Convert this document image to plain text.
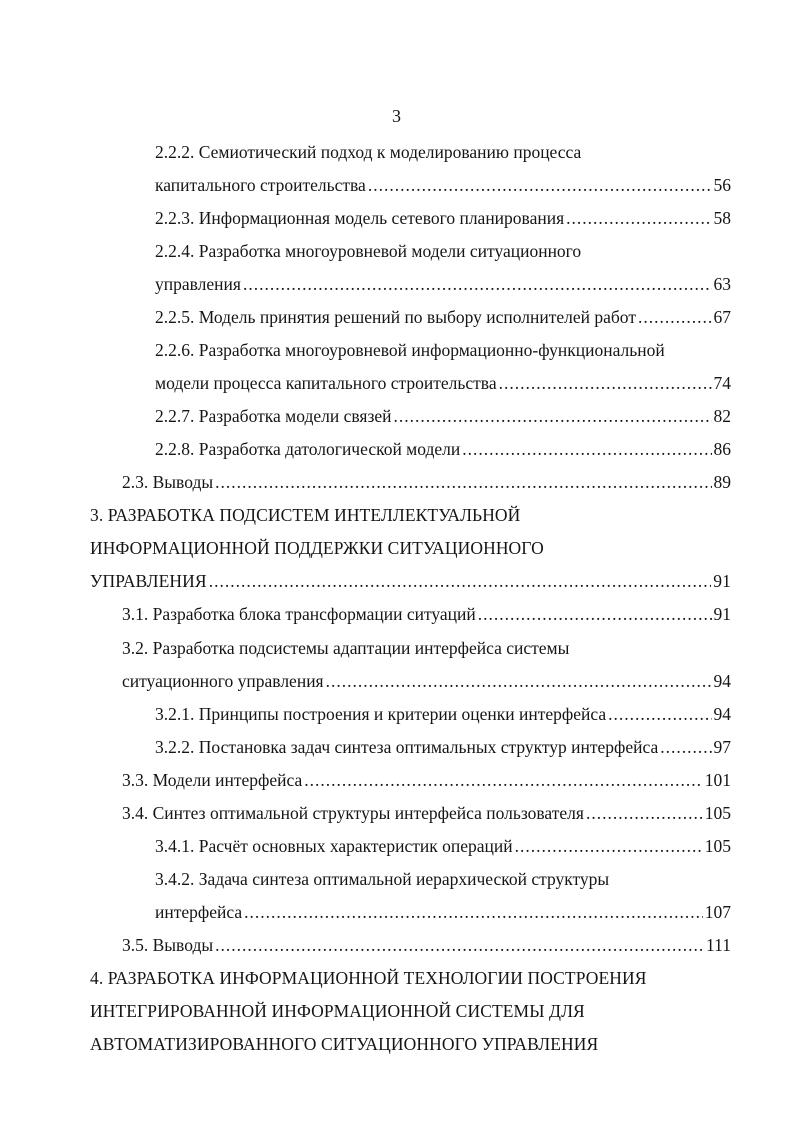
3
2.2.2. Семиотический подход к моделированию процесса
капитального строительства .....	56
2.2.3. Информационная модель сетевого планирования .....	58
2.2.4. Разработка многоуровневой модели ситуационного
управления .....	63
2.2.5. Модель принятия решений по выбору исполнителей работ .....	67
2.2.6. Разработка многоуровневой информационно-функциональной
модели процесса капитального строительства .....	74
2.2.7. Разработка модели связей .....	82
2.2.8. Разработка датологической модели .....	86
2.3. Выводы .....	89
3. РАЗРАБОТКА ПОДСИСТЕМ ИНТЕЛЛЕКТУАЛЬНОЙ
ИНФОРМАЦИОННОЙ ПОДДЕРЖКИ СИТУАЦИОННОГО
УПРАВЛЕНИЯ .....	91
3.1. Разработка блока трансформации ситуаций .....	91
3.2. Разработка подсистемы адаптации интерфейса системы
ситуационного управления .....	94
3.2.1. Принципы построения и критерии оценки интерфейса .....	94
3.2.2. Постановка задач синтеза оптимальных структур интерфейса .....	97
3.3. Модели интерфейса .....	101
3.4. Синтез оптимальной структуры интерфейса пользователя .....	105
3.4.1. Расчёт основных характеристик операций .....	105
3.4.2. Задача синтеза оптимальной иерархической структуры
интерфейса .....	107
3.5. Выводы .....	111
4. РАЗРАБОТКА ИНФОРМАЦИОННОЙ ТЕХНОЛОГИИ ПОСТРОЕНИЯ
ИНТЕГРИРОВАННОЙ ИНФОРМАЦИОННОЙ СИСТЕМЫ ДЛЯ
АВТОМАТИЗИРОВАННОГО СИТУАЦИОННОГО УПРАВЛЕНИЯ
